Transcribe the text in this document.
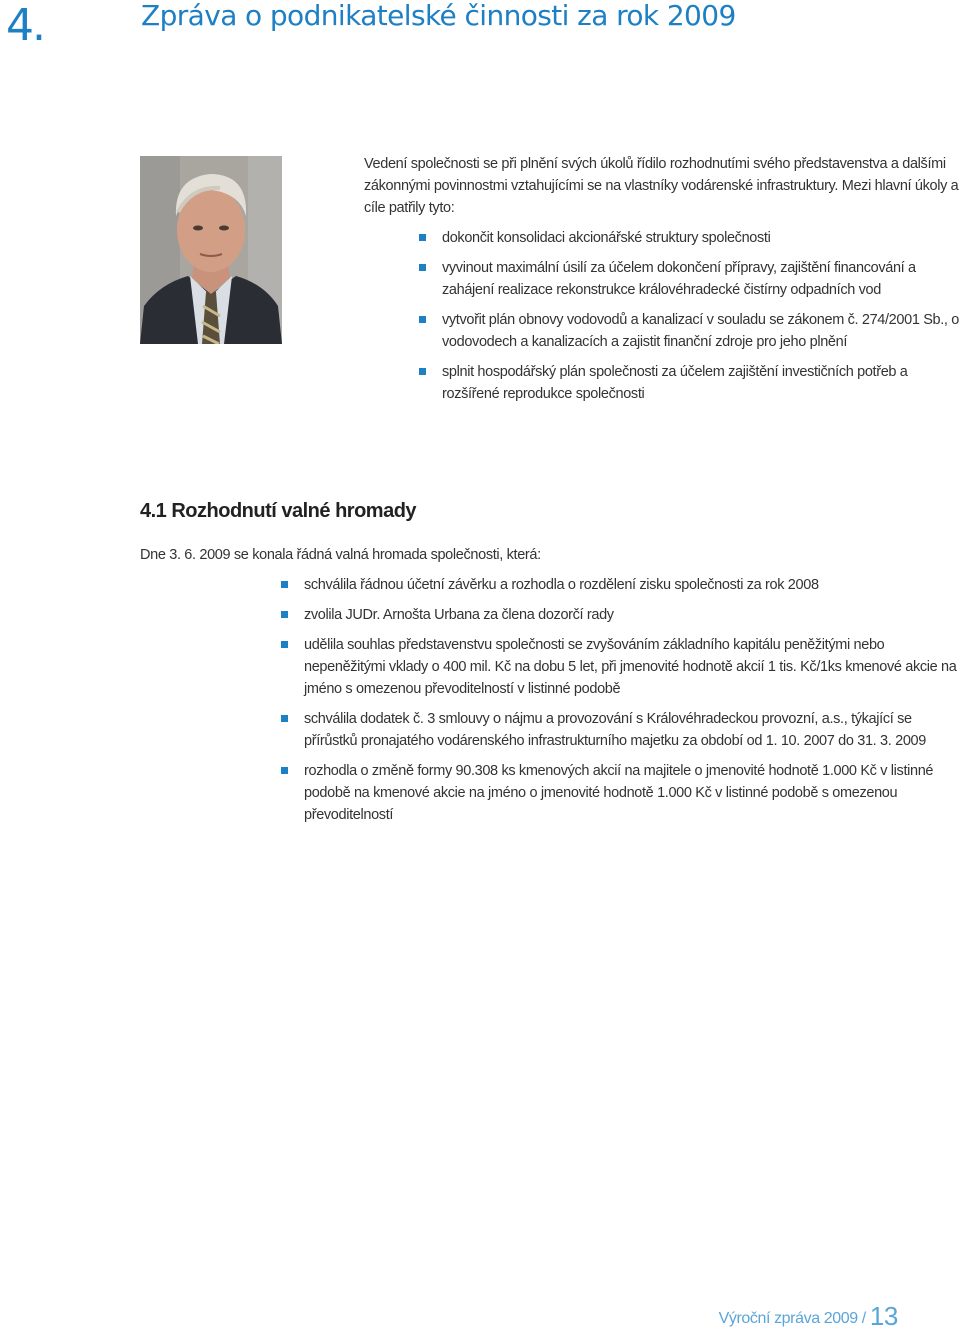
4.	Zpráva o podnikatelské činnosti za rok 2009

Vedení společnosti se při plnění svých úkolů řídilo rozhodnutími svého představenstva a dalšími zákonnými povinnostmi vztahujícími se na vlastníky vodárenské infrastruktury. Mezi hlavní úkoly a cíle patřily tyto:

dokončit konsolidaci akcionářské struktury společnosti
vyvinout maximální úsilí za účelem dokončení přípravy, zajištění financování a zahájení realizace rekonstrukce královéhradecké čistírny odpadních vod
vytvořit plán obnovy vodovodů a kanalizací v souladu se zákonem č. 274/2001 Sb., o vodovodech a kanalizacích a zajistit finanční zdroje pro jeho plnění
splnit hospodářský plán společnosti za účelem zajištění investičních potřeb a rozšířené reprodukce společnosti
4.1 Rozhodnutí valné hromady
Dne 3. 6. 2009 se konala řádná valná hromada společnosti, která:
schválila řádnou účetní závěrku a rozhodla o rozdělení zisku společnosti za rok 2008
zvolila JUDr. Arnošta Urbana za člena dozorčí rady
udělila souhlas představenstvu společnosti se zvyšováním základního kapitálu peněžitými nebo nepeněžitými vklady o 400 mil. Kč na dobu 5 let, při jmenovité hodnotě akcií 1 tis. Kč/1ks kmenové akcie na jméno s omezenou převoditelností v listinné podobě
schválila dodatek č. 3 smlouvy o nájmu a provozování s Královéhradeckou provozní, a.s., týkající se přírůstků pronajatého vodárenského infrastrukturního majetku za období od 1. 10. 2007 do 31. 3. 2009
rozhodla o změně formy 90.308 ks kmenových akcií na majitele o jmenovité hodnotě 1.000 Kč v listinné podobě na kmenové akcie na jméno o jmenovité hodnotě 1.000 Kč v listinné podobě s omezenou převoditelností
Výroční zpráva 2009 / 13
